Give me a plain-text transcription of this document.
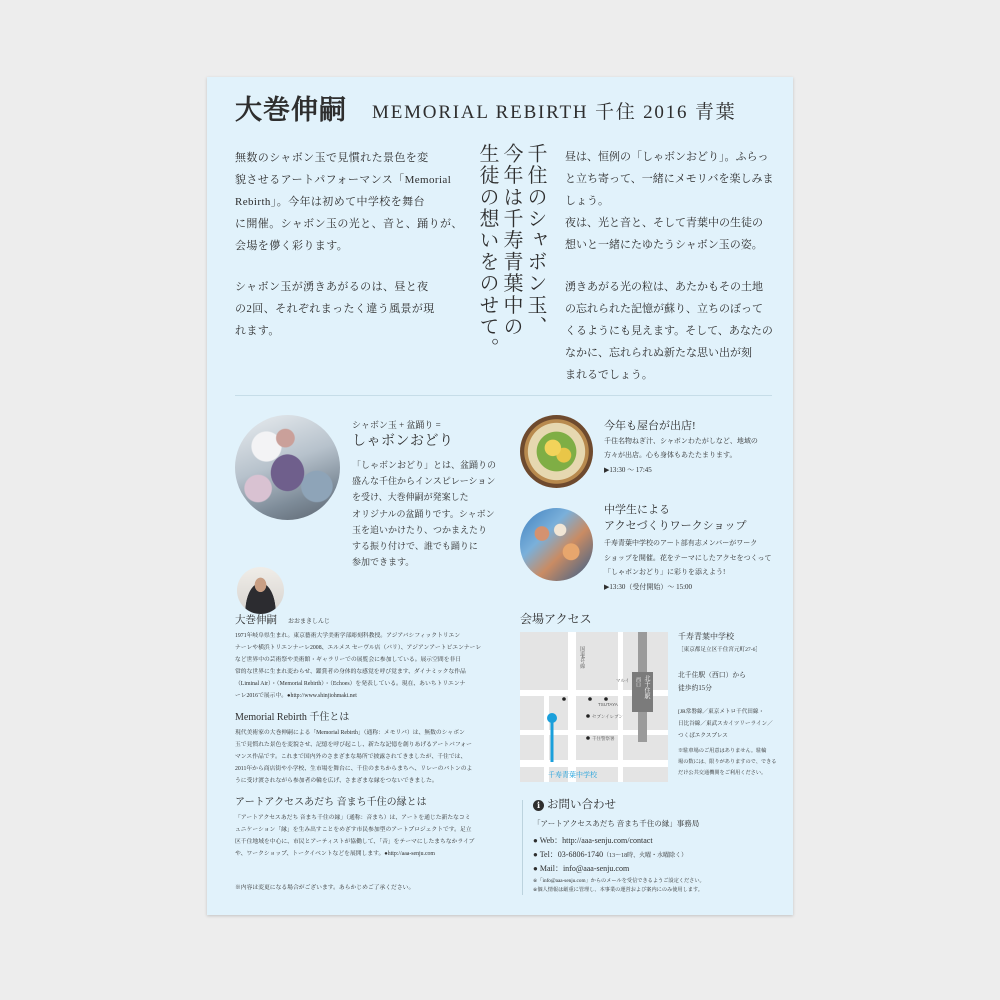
大巻伸嗣 MEMORIAL REBIRTH 千住 2016 青葉
無数のシャボン玉で見慣れた景色を変
貌させるアートパフォーマンス「Memorial
Rebirth」。今年は初めて中学校を舞台
に開催。シャボン玉の光と、音と、踊りが、
会場を儚く彩ります。
シャボン玉が湧きあがるのは、昼と夜
の2回、それぞれまったく違う風景が現
れます。	千住のシャボン玉、
今年は千寿青葉中の
生徒の想いをのせて。	昼は、恒例の「しゃボンおどり」。ふらっ
と立ち寄って、一緒にメモリバを楽しみま
しょう。
夜は、光と音と、そして青葉中の生徒の
想いと一緒にたゆたうシャボン玉の姿。
湧きあがる光の粒は、あたかもその土地
の忘れられた記憶が蘇り、立ちのぼって
くるようにも見えます。そして、あなたの
なかに、忘れられぬ新たな思い出が刻
まれるでしょう。
シャボン玉 + 盆踊り =
しゃボンおどり
「しゃボンおどり」とは、盆踊りの
盛んな千住からインスピレーション
を受け、大巻伸嗣が発案した
オリジナルの盆踊りです。シャボン
玉を追いかけたり、つかまえたり
する振り付けで、誰でも踊りに
参加できます。
大巻伸嗣 おおまきしんじ
1971年岐阜県生まれ。東京藝術大学美術学部彫刻科教授。アジアパシフィックトリエン
ナーレや横浜トリエンナーレ2008、エルメス セーヴル店（パリ）、アジアンアートビエンナーレ
など世界中の芸術祭や美術館・ギャラリーでの展覧会に参加している。展示空間を非日
常的な世界に生まれ変わらせ、鑑賞者の身体的な感覚を呼び覚ます、ダイナミックな作品
（Liminal Air）・（Memorial Rebirth）・（Echoes）を発表している。現在、あいちトリエンナ
ーレ2016で展示中。●http://www.shinjiohmaki.net
Memorial Rebirth 千住とは
現代美術家の大巻伸嗣による「Memorial Rebirth」（通称：メモリバ）は、無数のシャボン
玉で見慣れた景色を変貌させ、記憶を呼び起こし、新たな記憶を創りあげるアートパフォー
マンス作品です。これまで国内外のさまざまな場所で披露されてきましたが、千住では、
2011年から商店街や小学校、生市場を舞台に、千住のまちからまちへ、リレーのバトンのよ
うに受け渡されながら参加者の輪を広げ、さまざまな縁をつないできました。
アートアクセスあだち 音まち千住の縁とは
「アートアクセスあだち 音まち千住の縁」（通称：音まち）は、アートを通じた新たなコミ
ュニケーション「縁」を生み出すことをめざす市民参加型のアートプロジェクトです。足立
区千住地域を中心に、市民とアーティストが協働して、「音」をテーマにしたまちなかライブ
や、ワークショップ、トークイベントなどを展開します。●http://aaa-senju.com
※内容は変更になる場合がございます。あらかじめご了承ください。
今年も屋台が出店!
千住名物ねぎ汁、シャボンわたがしなど、地域の
方々が出店。心も身体もあたたまります。
▶13:30 ～ 17:45
中学生による
アクセづくりワークショップ
千寿青葉中学校のアート部有志メンバーがワーク
ショップを開催。花をテーマにしたアクセをつくって
「しゃボンおどり」に彩りを添えよう!
▶13:30（受付開始）～ 15:00
会場アクセス
北千住駅
西口
国道4号線
マルイ
TSUTAYA
セブンイレブン
千住警察署
千寿青葉中学校
千寿青葉中学校
［東京都足立区千住宮元町27-6］
北千住駅（西口）から
徒歩約15分
[JR常磐線／東京メトロ千代田線・
日比谷線／東武スカイツリーライン／
つくばエクスプレス
※駐車場のご用意はありません。駐輪
場の数には、限りがありますので、できる
だけ公共交通機関をご利用ください。
i お問い合わせ
「アートアクセスあだち 音まち千住の縁」事務局
● Web：http://aaa-senju.com/contact
● Tel：03-6806-1740（13～18時、火曜・水曜除く）
● Mail：info@aaa-senju.com
※「info@aaa-senju.com」からのメールを受信できるようご設定ください。
※個人情報は厳重に管理し、本事業の運営および案内にのみ使用します。
